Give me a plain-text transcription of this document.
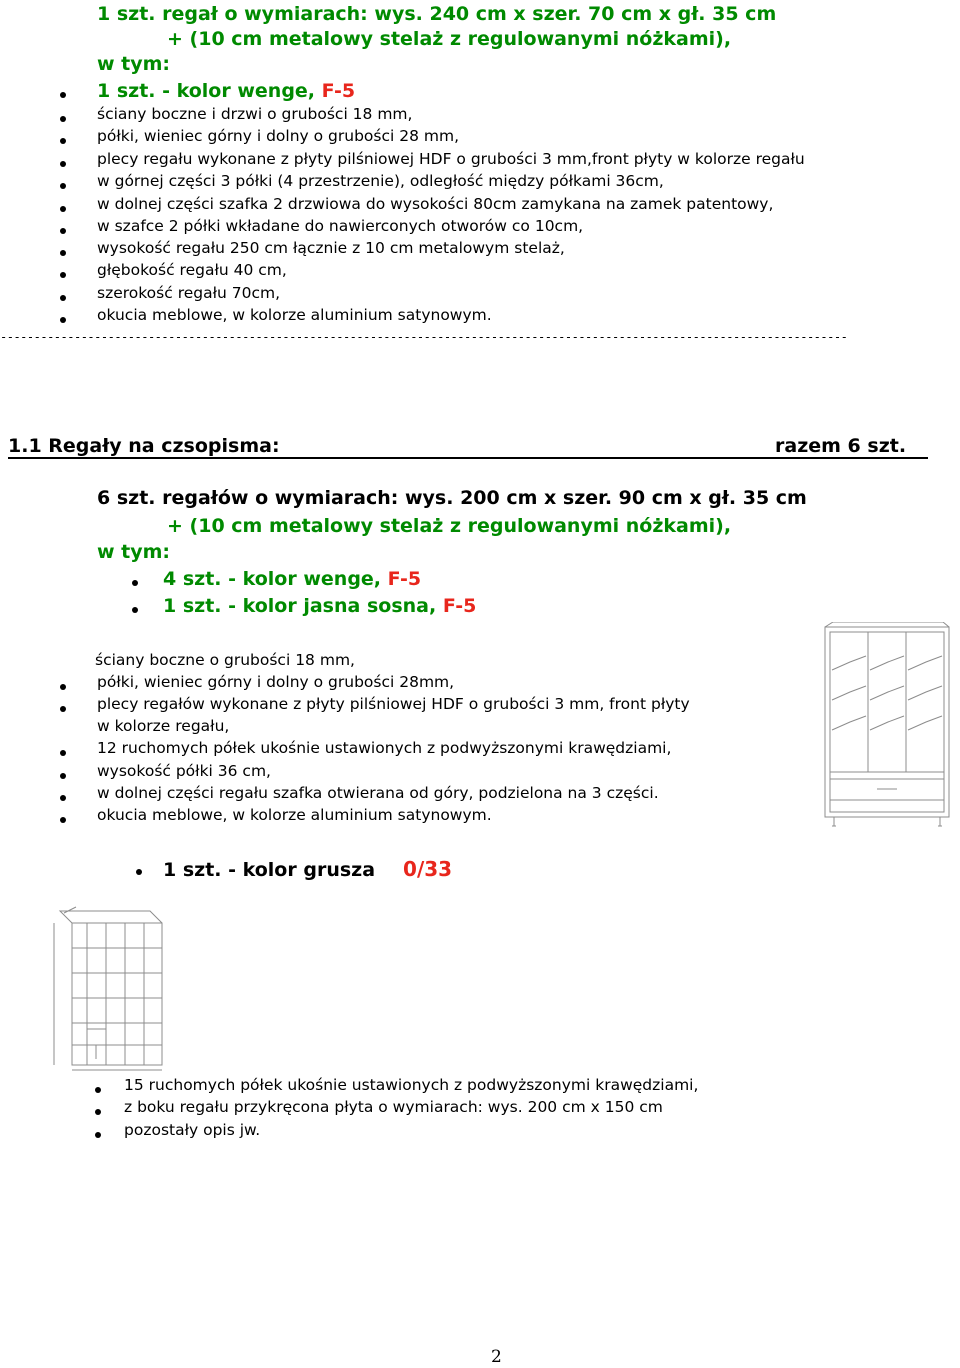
1 szt. regał o wymiarach: wys. 240 cm x szer. 70 cm x gł. 35 cm
+ (10 cm metalowy stelaż z regulowanymi nóżkami),
w tym:
1 szt. - kolor wenge, F-5
ściany boczne i drzwi o grubości 18 mm,
półki, wieniec górny i dolny o grubości 28 mm,
plecy regału wykonane z płyty pilśniowej HDF o grubości 3 mm,front płyty w kolorze regału
w górnej części 3 półki (4 przestrzenie), odległość między półkami 36cm,
w dolnej części szafka 2 drzwiowa do wysokości 80cm zamykana na zamek patentowy,
w szafce 2 półki wkładane do nawiercony​ch otworów co 10cm,
wysokość regału 250 cm łącznie z 10 cm metalowym stelaż,
głębokość regału 40 cm,
szerokość regału 70cm,
okucia meblowe, w kolorze aluminium satynowym.
------------------------------------------------------------------------------------------------------------------------------
1.1 Regały na czsopisma:	razem 6 szt.
6 szt. regałów o wymiarach: wys. 200 cm x szer. 90 cm x gł. 35 cm
+ (10 cm metalowy stelaż z regulowanymi nóżkami),
w tym:
4 szt. - kolor wenge, F-5
1 szt. - kolor jasna sosna, F-5
ściany boczne o grubości 18 mm,
półki, wieniec górny i dolny o grubości 28mm,
plecy regałów wykonane z płyty pilśniowej HDF o grubości 3 mm, front płyty
w kolorze regału,
12 ruchomych półek ukośnie ustawionych z podwyższonymi krawędziami,
wysokość półki 36 cm,
w dolnej części regału szafka otwierana od góry, podzielona na 3 części.
okucia meblowe, w kolorze aluminium satynowym.
1 szt. - kolor grusza 0/33
15 ruchomych półek ukośnie ustawionych z podwyższonymi krawędziami,
z boku regału przykręcona płyta o wymiarach: wys. 200 cm x 150 cm
pozostały opis jw.
2
